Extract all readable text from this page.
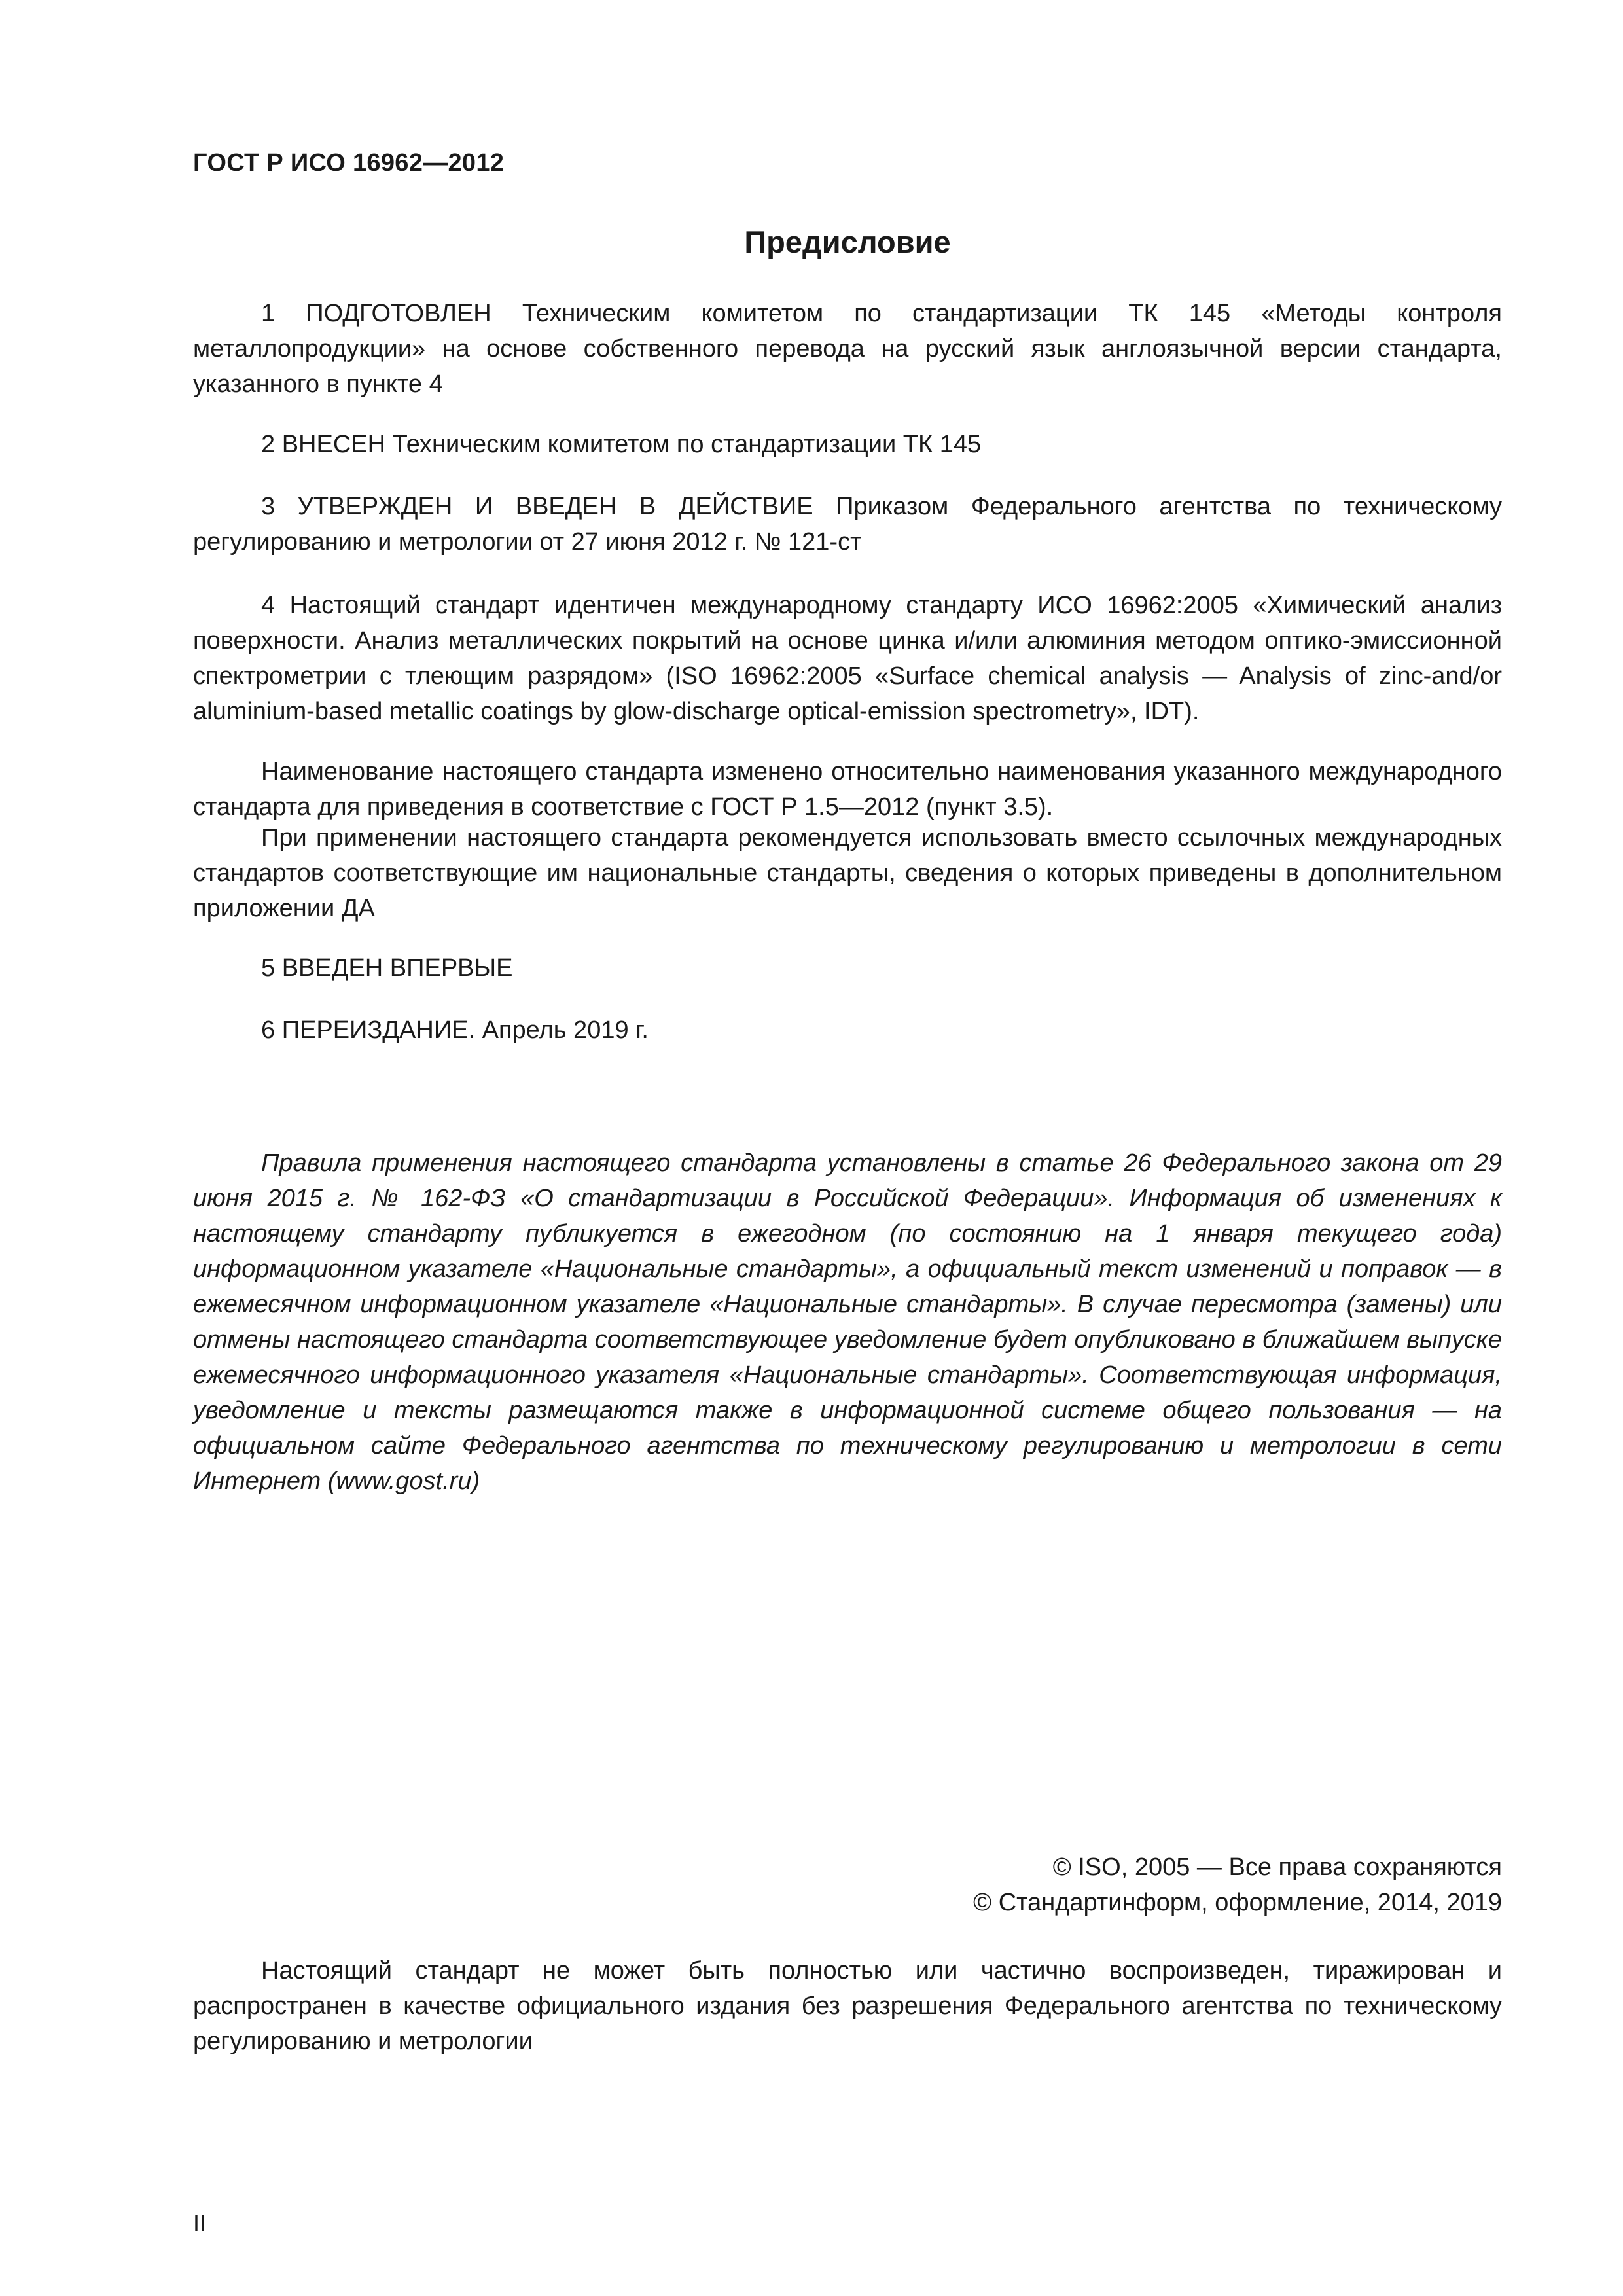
ГОСТ Р ИСО 16962—2012
Предисловие

1 ПОДГОТОВЛЕН Техническим комитетом по стандартизации ТК 145 «Методы контроля металлопродукции» на основе собственного перевода на русский язык англоязычной версии стандарта, указанного в пункте 4

2 ВНЕСЕН Техническим комитетом по стандартизации ТК 145

3 УТВЕРЖДЕН И ВВЕДЕН В ДЕЙСТВИЕ Приказом Федерального агентства по техническому регулированию и метрологии от 27 июня 2012 г. № 121-ст

4 Настоящий стандарт идентичен международному стандарту ИСО 16962:2005 «Химический анализ поверхности. Анализ металлических покрытий на основе цинка и/или алюминия методом оптико-эмиссионной спектрометрии с тлеющим разрядом» (ISO 16962:2005 «Surface chemical analysis — Analysis of zinc-and/or aluminium-based metallic coatings by glow-discharge optical-emission spectrometry», IDT).

Наименование настоящего стандарта изменено относительно наименования указанного международного стандарта для приведения в соответствие с ГОСТ Р 1.5—2012 (пункт 3.5).

При применении настоящего стандарта рекомендуется использовать вместо ссылочных международных стандартов соответствующие им национальные стандарты, сведения о которых приведены в дополнительном приложении ДА

5 ВВЕДЕН ВПЕРВЫЕ

6 ПЕРЕИЗДАНИЕ. Апрель 2019 г.

Правила применения настоящего стандарта установлены в статье 26 Федерального закона от 29 июня 2015 г. № 162-ФЗ «О стандартизации в Российской Федерации». Информация об изменениях к настоящему стандарту публикуется в ежегодном (по состоянию на 1 января текущего года) информационном указателе «Национальные стандарты», а официальный текст изменений и поправок — в ежемесячном информационном указателе «Национальные стандарты». В случае пересмотра (замены) или отмены настоящего стандарта соответствующее уведомление будет опубликовано в ближайшем выпуске ежемесячного информационного указателя «Национальные стандарты». Соответствующая информация, уведомление и тексты размещаются также в информационной системе общего пользования — на официальном сайте Федерального агентства по техническому регулированию и метрологии в сети Интернет (www.gost.ru)

© ISO, 2005 — Все права сохраняются
© Стандартинформ, оформление, 2014, 2019

Настоящий стандарт не может быть полностью или частично воспроизведен, тиражирован и распространен в качестве официального издания без разрешения Федерального агентства по техническому регулированию и метрологии

II
